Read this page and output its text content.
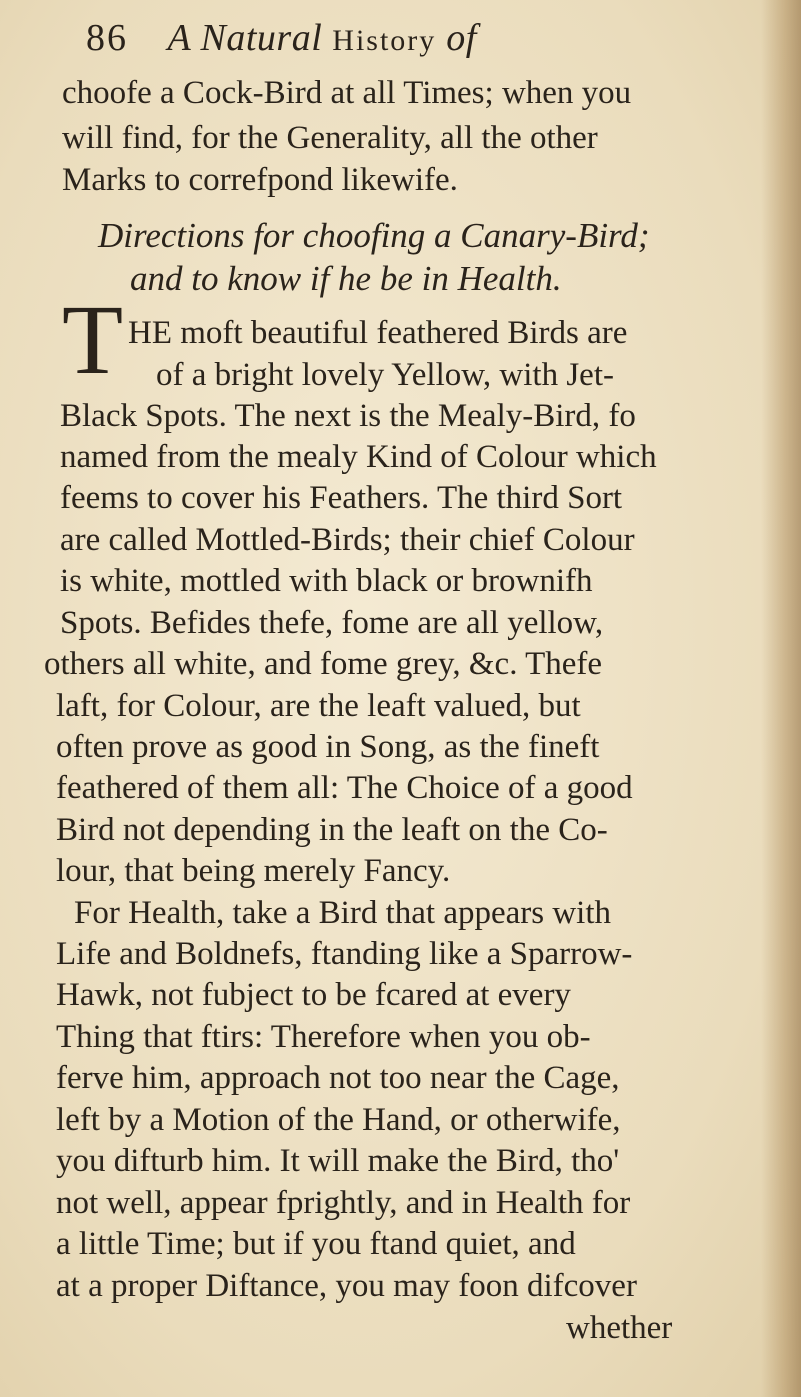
86 A Natural History of
choofe a Cock-Bird at all Times; when you
will find, for the Generality, all the other
Marks to correfpond likewife.
Directions for choofing a Canary-Bird;
and to know if he be in Health.
T HE moft beautiful feathered Birds are
of a bright lovely Yellow, with Jet-
Black Spots. The next is the Mealy-Bird, fo
named from the mealy Kind of Colour which
feems to cover his Feathers. The third Sort
are called Mottled-Birds; their chief Colour
is white, mottled with black or brownifh
Spots. Befides thefe, fome are all yellow,
others all white, and fome grey, &c. Thefe
laft, for Colour, are the leaft valued, but
often prove as good in Song, as the fineft
feathered of them all: The Choice of a good
Bird not depending in the leaft on the Co-
lour, that being merely Fancy.
For Health, take a Bird that appears with
Life and Boldnefs, ftanding like a Sparrow-
Hawk, not fubject to be fcared at every
Thing that ftirs: Therefore when you ob-
ferve him, approach not too near the Cage,
left by a Motion of the Hand, or otherwife,
you difturb him. It will make the Bird, tho'
not well, appear fprightly, and in Health for
a little Time; but if you ftand quiet, and
at a proper Diftance, you may foon difcover
whether
